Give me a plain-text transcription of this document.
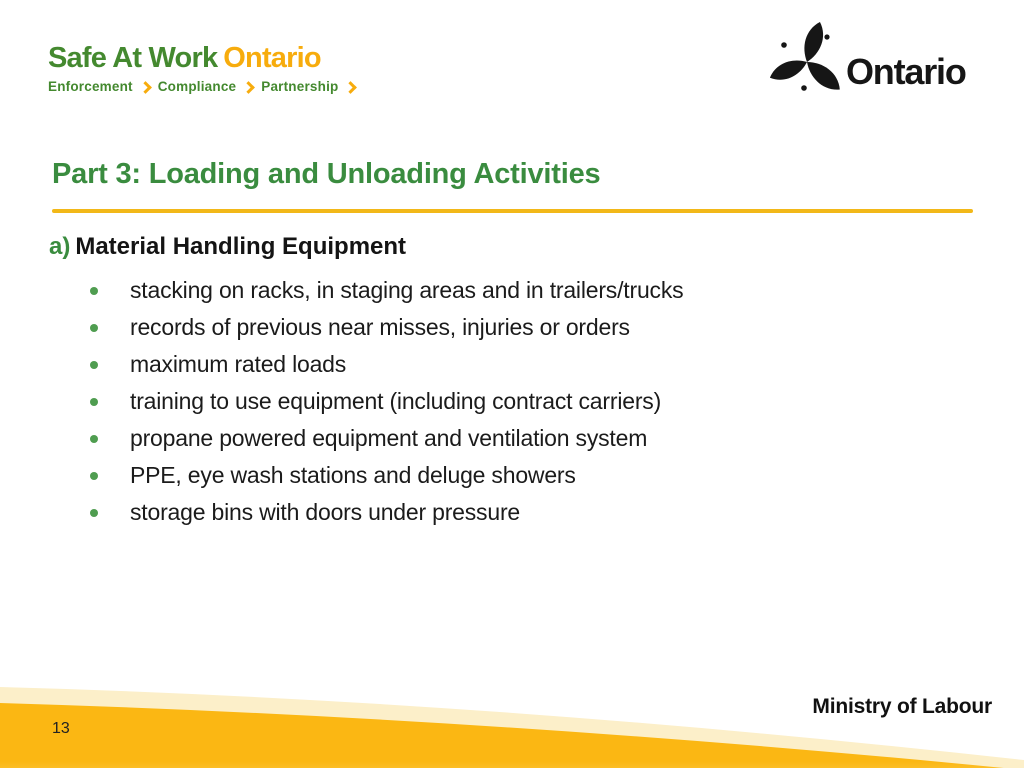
Safe At Work Ontario
Enforcement Compliance Partnership	Ontario
Part 3: Loading and Unloading Activities
a) Material Handling Equipment
stacking on racks, in staging areas and in trailers/trucks
records of previous near misses, injuries or orders
maximum rated loads
training to use equipment (including contract carriers)
propane powered equipment and ventilation system
PPE, eye wash stations and deluge showers
storage bins with doors under pressure
Ministry of Labour
13
